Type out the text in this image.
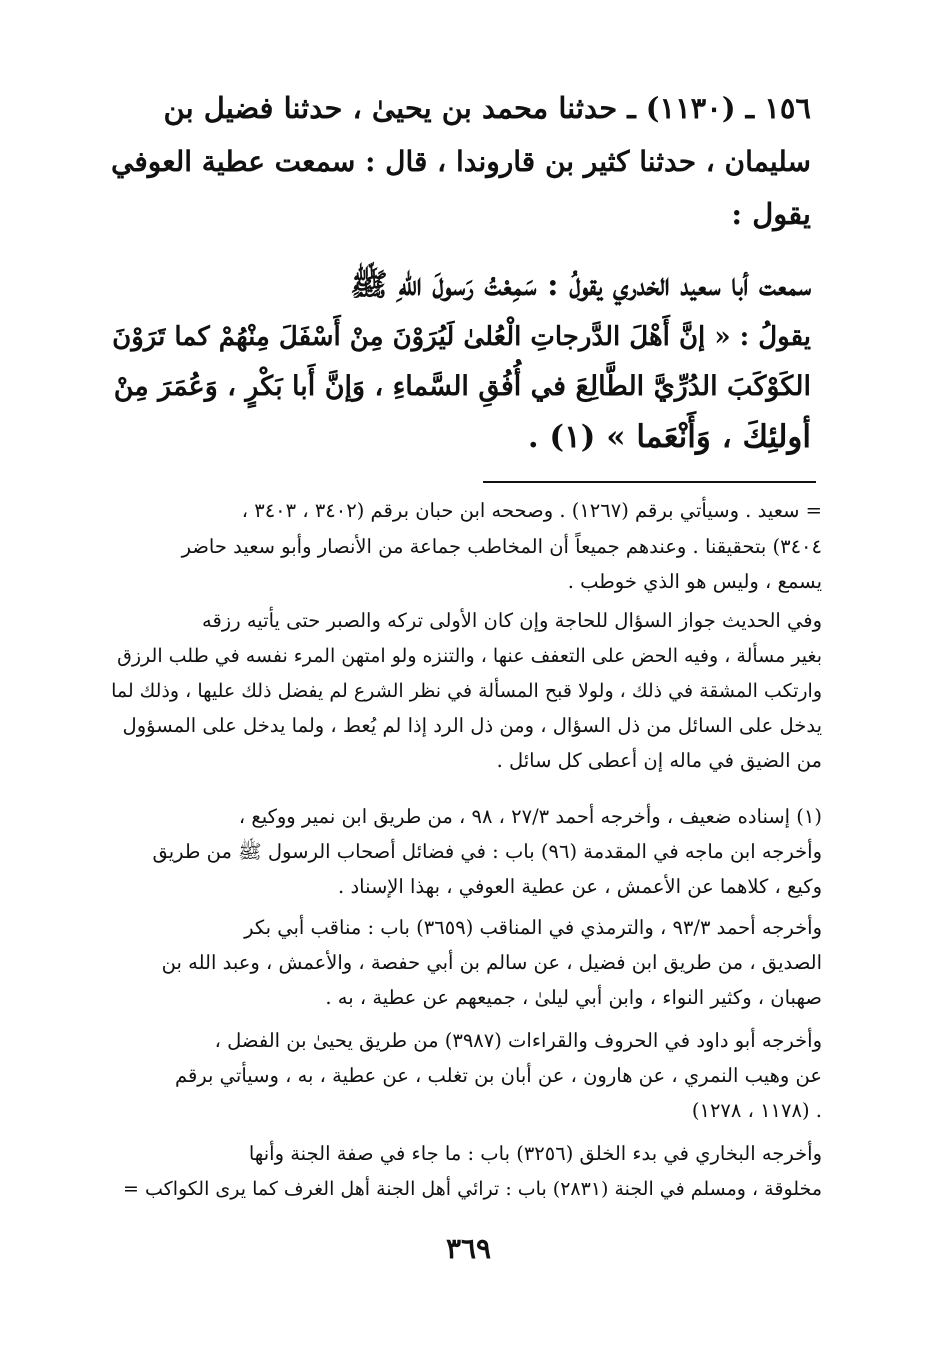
١٥٦ ـ (١١٣٠) ـ حدثنا محمد بن يحيىٰ ، حدثنا فضيل بن
سليمان ، حدثنا كثير بن قاروندا ، قال : سمعت عطية العوفي
يقول :
سمعت أبا سعيد الخدري يقولُ : سَمِعْتُ رَسولَ اللّٰهِ ﷺ
يقولُ : « إنَّ أَهْلَ الدَّرجاتِ الْعُلىٰ لَيُرَوْنَ مِنْ أَسْفَلَ مِنْهُمْ كما تَرَوْنَ
الكَوْكَبَ الدُرِّيَّ الطَّالِعَ في أُفُقِ السَّماءِ ، وَإنَّ أَبا بَكْرٍ ، وَعُمَرَ مِنْ
أولئِكَ ، وَأَنْعَما » (١) .
= سعيد . وسيأتي برقم (١٢٦٧) . وصححه ابن حبان برقم (٣٤٠٢ ، ٣٤٠٣ ،
٣٤٠٤) بتحقيقنا . وعندهم جميعاً أن المخاطب جماعة من الأنصار وأبو سعيد حاضر
يسمع ، وليس هو الذي خوطب .
وفي الحديث جواز السؤال للحاجة وإن كان الأولى تركه والصبر حتى يأتيه رزقه
بغير مسألة ، وفيه الحض على التعفف عنها ، والتنزه ولو امتهن المرء نفسه في طلب الرزق
وارتكب المشقة في ذلك ، ولولا قبح المسألة في نظر الشرع لم يفضل ذلك عليها ، وذلك لما
يدخل على السائل من ذل السؤال ، ومن ذل الرد إذا لم يُعط ، ولما يدخل على المسؤول
من الضيق في ماله إن أعطى كل سائل .
(١) إسناده ضعيف ، وأخرجه أحمد ٢٧/٣ ، ٩٨ ، من طريق ابن نمير ووكيع ،
وأخرجه ابن ماجه في المقدمة (٩٦) باب : في فضائل أصحاب الرسول ﷺ من طريق
وكيع ، كلاهما عن الأعمش ، عن عطية العوفي ، بهذا الإسناد .
وأخرجه أحمد ٩٣/٣ ، والترمذي في المناقب (٣٦٥٩) باب : مناقب أبي بكر
الصديق ، من طريق ابن فضيل ، عن سالم بن أبي حفصة ، والأعمش ، وعبد الله بن
صهبان ، وكثير النواء ، وابن أبي ليلىٰ ، جميعهم عن عطية ، به .
وأخرجه أبو داود في الحروف والقراءات (٣٩٨٧) من طريق يحيىٰ بن الفضل ،
عن وهيب النمري ، عن هارون ، عن أبان بن تغلب ، عن عطية ، به ، وسيأتي برقم
(١١٧٨ ، ١٢٧٨) .
وأخرجه البخاري في بدء الخلق (٣٢٥٦) باب : ما جاء في صفة الجنة وأنها
مخلوقة ، ومسلم في الجنة (٢٨٣١) باب : ترائي أهل الجنة أهل الغرف كما يرى الكواكب =
٣٦٩
